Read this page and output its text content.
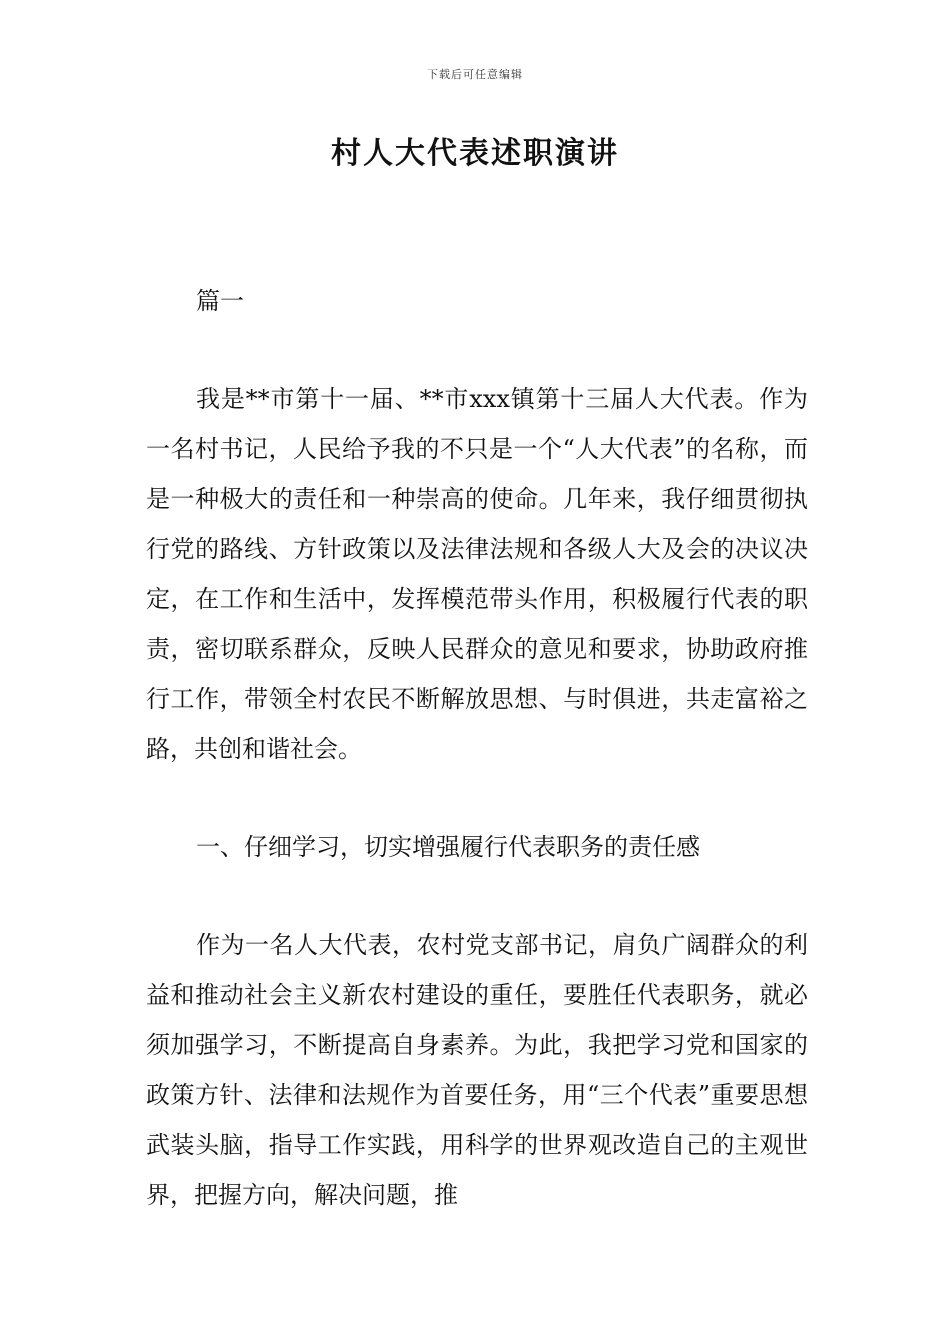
下载后可任意编辑
村人大代表述职演讲
篇一
我是**市第十一届、**市xxx镇第十三届人大代表。作为一名村书记，人民给予我的不只是一个“人大代表”的名称，而是一种极大的责任和一种崇高的使命。几年来，我仔细贯彻执行党的路线、方针政策以及法律法规和各级人大及会的决议决定，在工作和生活中，发挥模范带头作用，积极履行代表的职责，密切联系群众，反映人民群众的意见和要求，协助政府推行工作，带领全村农民不断解放思想、与时俱进，共走富裕之路，共创和谐社会。
一、仔细学习，切实增强履行代表职务的责任感
作为一名人大代表，农村党支部书记，肩负广阔群众的利益和推动社会主义新农村建设的重任，要胜任代表职务，就必须加强学习，不断提高自身素养。为此，我把学习党和国家的政策方针、法律和法规作为首要任务，用“三个代表”重要思想武装头脑，指导工作实践，用科学的世界观改造自己的主观世界，把握方向，解决问题，推
